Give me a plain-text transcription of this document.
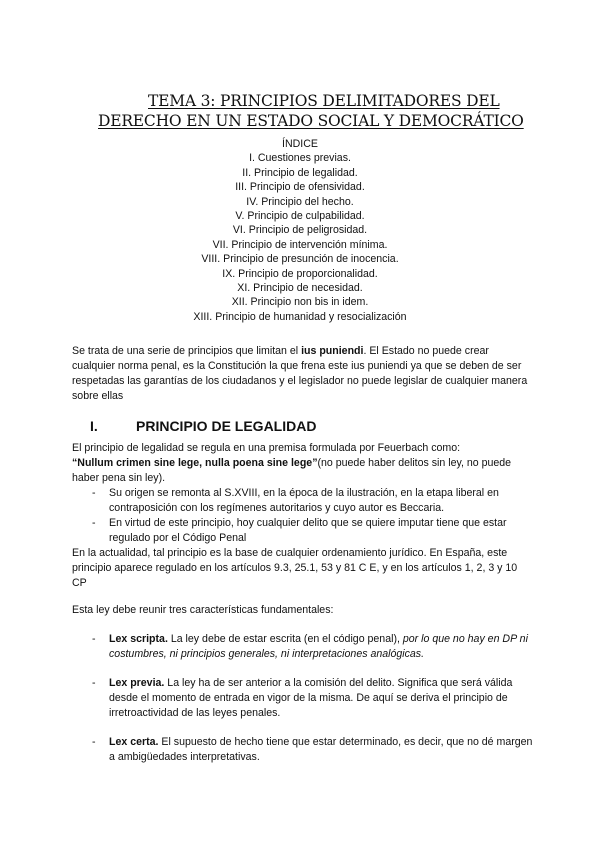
TEMA 3: PRINCIPIOS DELIMITADORES DEL
DERECHO EN UN ESTADO SOCIAL Y DEMOCRÁTICO
ÍNDICE
I. Cuestiones previas.
II. Principio de legalidad.
III. Principio de ofensividad.
IV. Principio del hecho.
V. Principio de culpabilidad.
VI. Principio de peligrosidad.
VII. Principio de intervención mínima.
VIII. Principio de presunción de inocencia.
IX. Principio de proporcionalidad.
XI. Principio de necesidad.
XII. Principio non bis in idem.
XIII. Principio de humanidad y resocialización
Se trata de una serie de principios que limitan el ius puniendi. El Estado no puede crear cualquier norma penal, es la Constitución la que frena este ius puniendi ya que se deben de ser respetadas las garantías de los ciudadanos y el legislador no puede legislar de cualquier manera sobre ellas
I.	PRINCIPIO DE LEGALIDAD
El principio de legalidad se regula en una premisa formulada por Feuerbach como:
“Nullum crimen sine lege, nulla poena sine lege”(no puede haber delitos sin ley, no puede haber pena sin ley).
- Su origen se remonta al S.XVIII, en la época de la ilustración, en la etapa liberal en contraposición con los regímenes autoritarios y cuyo autor es Beccaria.
- En virtud de este principio, hoy cualquier delito que se quiere imputar tiene que estar regulado por el Código Penal
En la actualidad, tal principio es la base de cualquier ordenamiento jurídico. En España, este principio aparece regulado en los artículos 9.3, 25.1, 53 y 81 C E, y en los artículos 1, 2, 3 y 10 CP
Esta ley debe reunir tres características fundamentales:
- Lex scripta. La ley debe de estar escrita (en el código penal), por lo que no hay en DP ni costumbres, ni principios generales, ni interpretaciones analógicas.
- Lex previa. La ley ha de ser anterior a la comisión del delito. Significa que será válida desde el momento de entrada en vigor de la misma. De aquí se deriva el principio de irretroactividad de las leyes penales.
- Lex certa. El supuesto de hecho tiene que estar determinado, es decir, que no dé margen a ambigüedades interpretativas.
